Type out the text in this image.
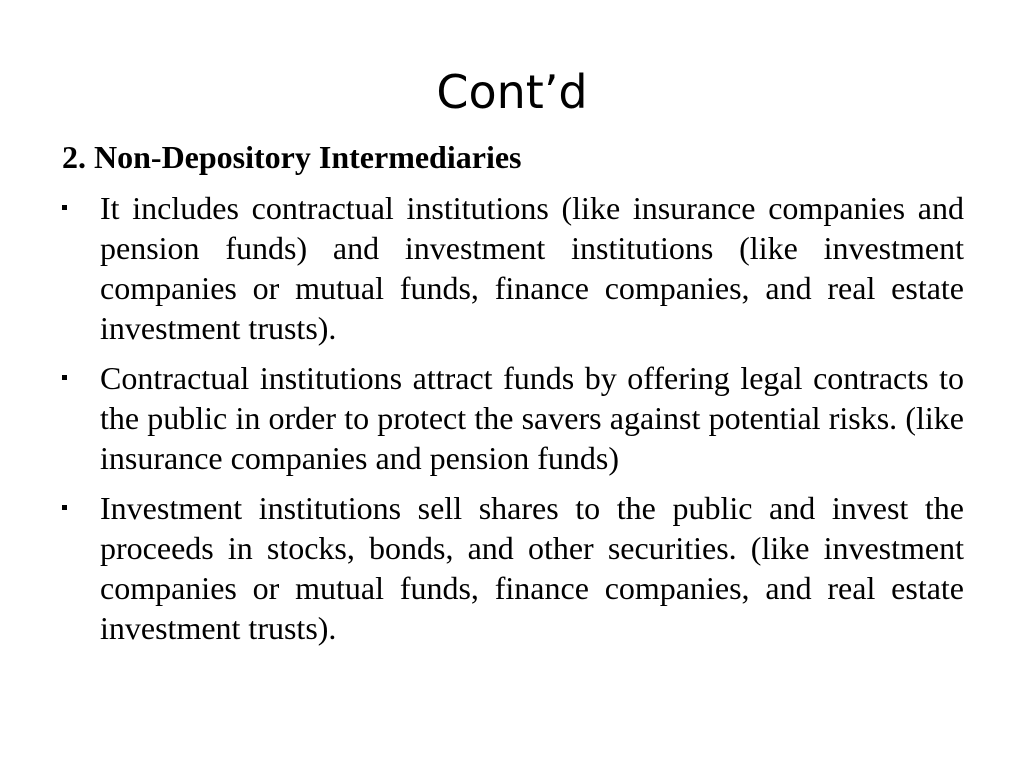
Cont’d

2. Non-Depository Intermediaries

It includes contractual institutions (like insurance companies and pension funds) and investment institutions (like investment companies or mutual funds, finance companies, and real estate investment trusts).
Contractual institutions attract funds by offering legal contracts to the public in order to protect the savers against potential risks. (like insurance companies and pension funds)
Investment institutions sell shares to the public and invest the proceeds in stocks, bonds, and other securities. (like investment companies or mutual funds, finance companies, and real estate investment trusts).
